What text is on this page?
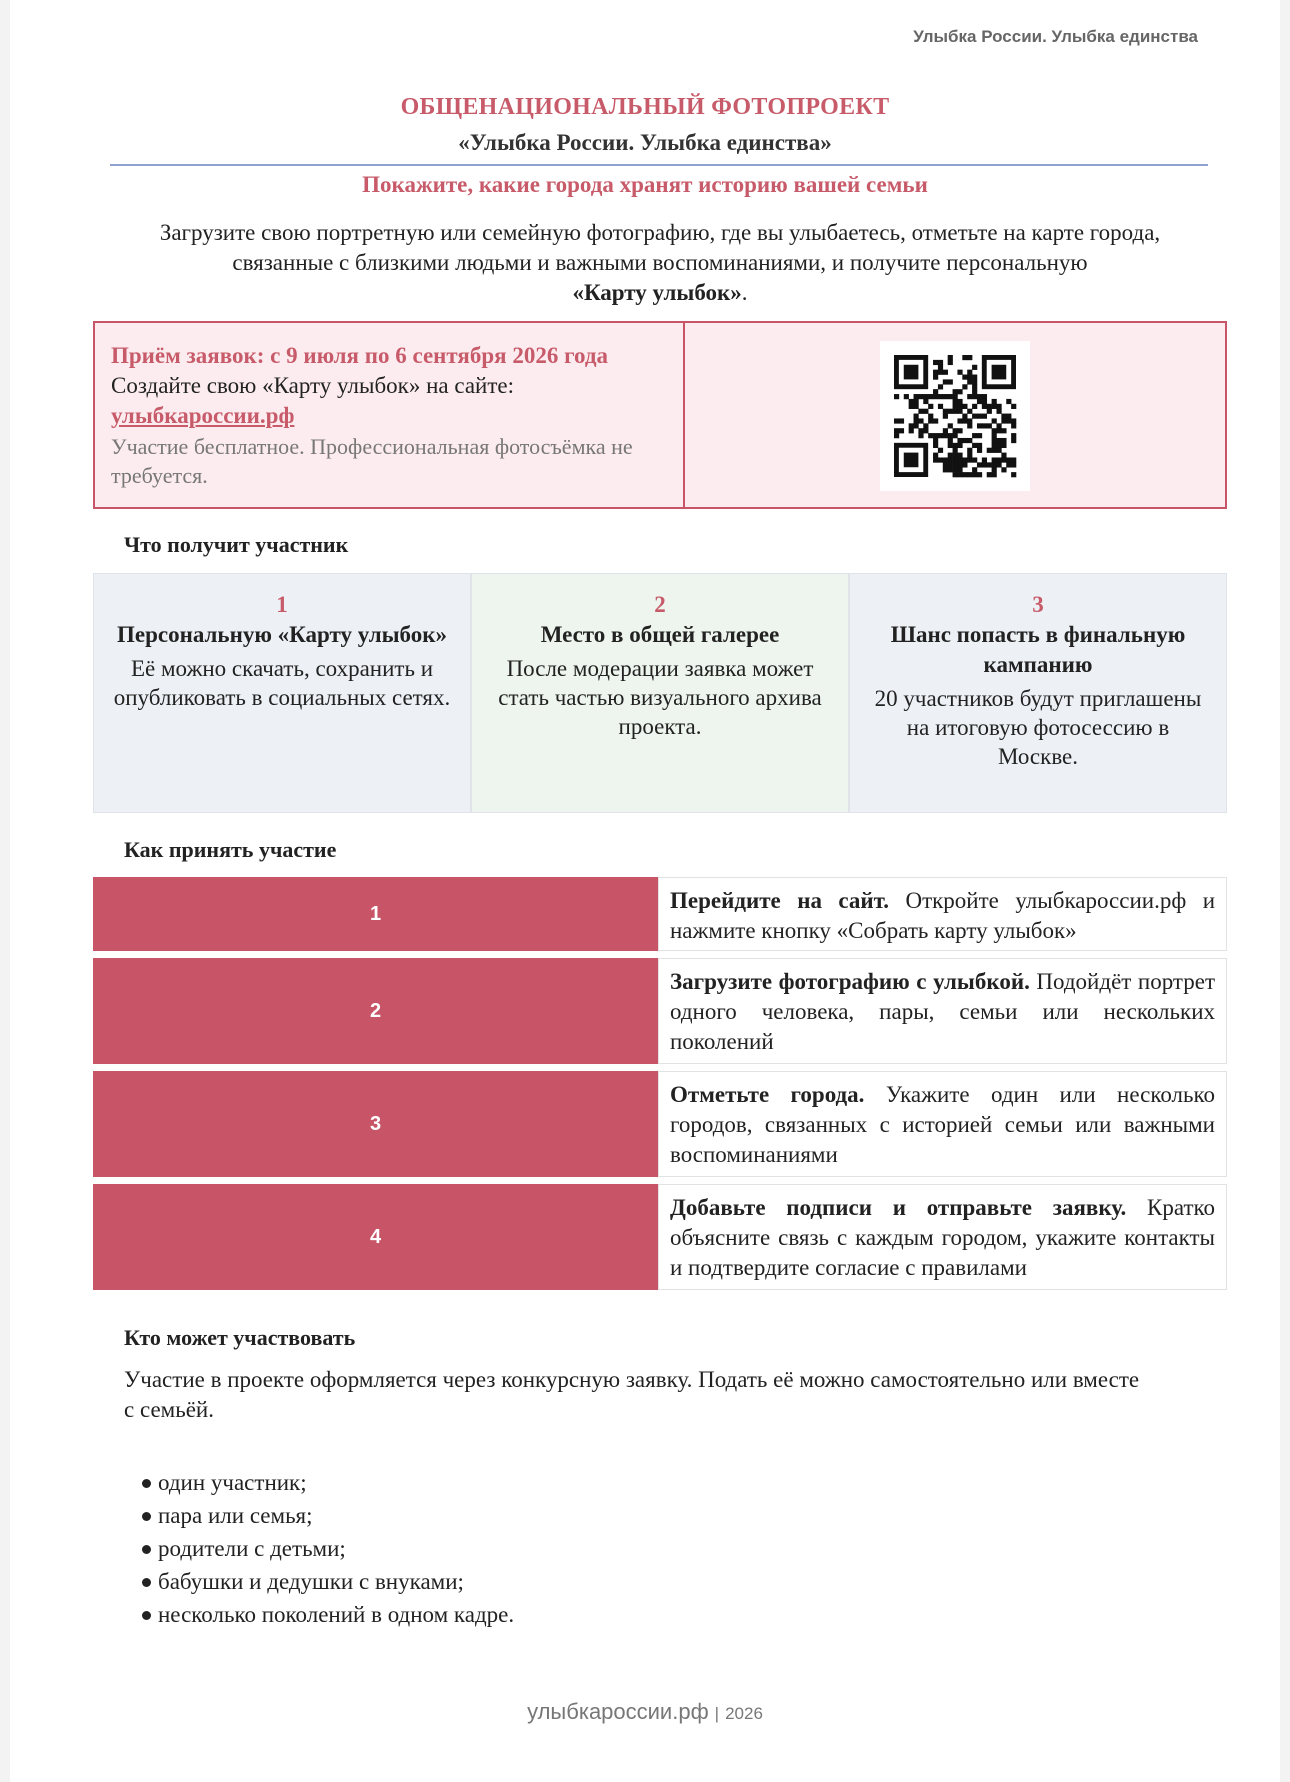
Улыбка России. Улыбка единства
ОБЩЕНАЦИОНАЛЬНЫЙ ФОТОПРОЕКТ
«Улыбка России. Улыбка единства»
Покажите, какие города хранят историю вашей семьи
Загрузите свою портретную или семейную фотографию, где вы улыбаетесь, отметьте на карте города, связанные с близкими людьми и важными воспоминаниями, и получите персональную
«Карту улыбок».
Приём заявок: с 9 июля по 6 сентября 2026 года
Создайте свою «Карту улыбок» на сайте:
улыбкароссии.рф
Участие бесплатное. Профессиональная фотосъёмка не требуется.
Что получит участник
1
Персональную «Карту улыбок»
Её можно скачать, сохранить и опубликовать в социальных сетях.
2
Место в общей галерее
После модерации заявка может стать частью визуального архива проекта.
3
Шанс попасть в финальную кампанию
20 участников будут приглашены
на итоговую фотосессию в Москве.
Как принять участие
1
Перейдите на сайт. Откройте улыбкароссии.рф и нажмите кнопку «Собрать карту улыбок»
2
Загрузите фотографию с улыбкой. Подойдёт портрет одного человека, пары, семьи или нескольких поколений
3
Отметьте города. Укажите один или несколько городов, связанных с историей семьи или важными воспоминаниями
4
Добавьте подписи и отправьте заявку. Кратко объясните связь с каждым городом, укажите контакты и подтвердите согласие с правилами
Кто может участвовать
Участие в проекте оформляется через конкурсную заявку. Подать её можно самостоятельно или вместе
с семьёй.
один участник;
пара или семья;
родители с детьми;
бабушки и дедушки с внуками;
несколько поколений в одном кадре.
улыбкароссии.рф | 2026
